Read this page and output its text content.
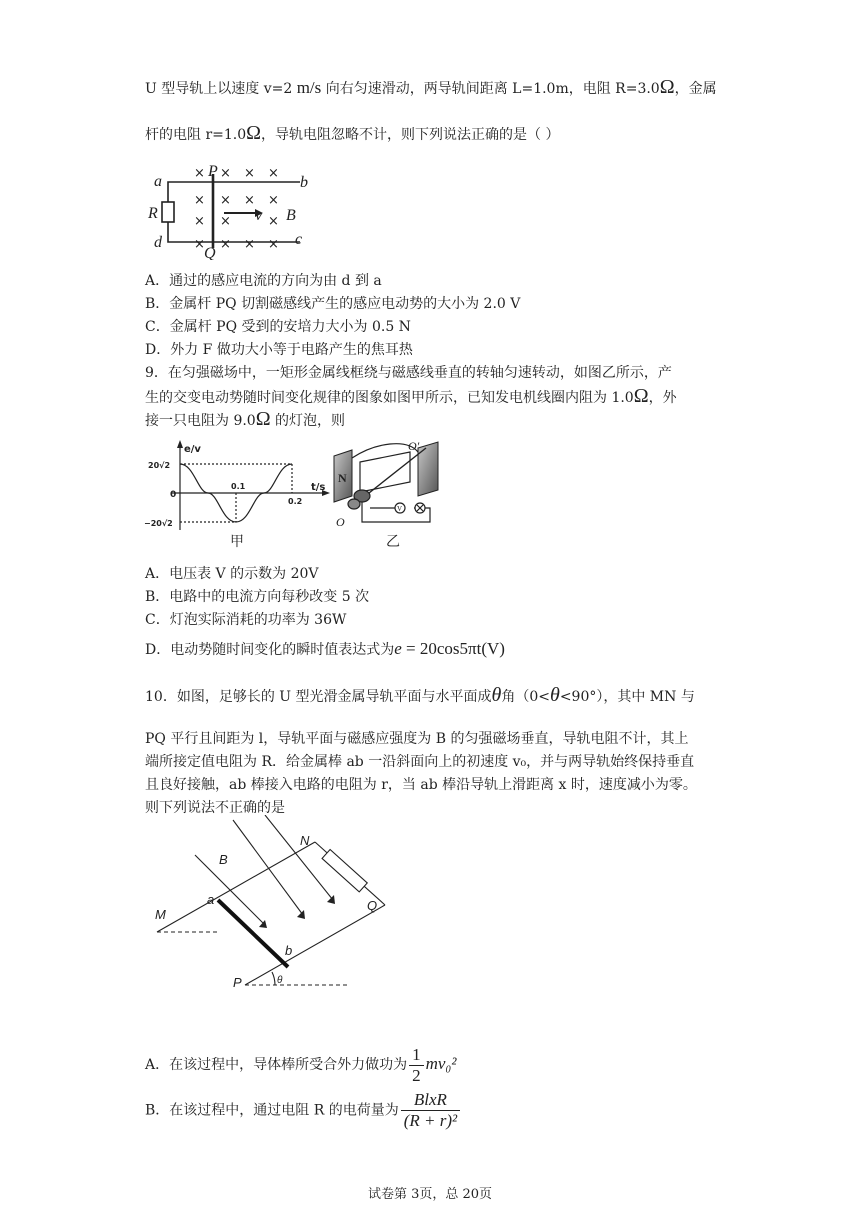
U 型导轨上以速度 v=2 m/s 向右匀速滑动，两导轨间距离 L=1.0m，电阻 R=3.0Ω，金属
杆的电阻 r=1.0Ω，导轨电阻忽略不计，则下列说法正确的是（ ）
a	b
c
d
P
Q
R	v B
× × × ×
× × × ×
× ×	×
× × × ×
A．通过的感应电流的方向为由 d 到 a
B．金属杆 PQ 切割磁感线产生的感应电动势的大小为 2.0 V
C．金属杆 PQ 受到的安培力大小为 0.5 N
D．外力 F 做功大小等于电路产生的焦耳热
9．在匀强磁场中，一矩形金属线框绕与磁感线垂直的转轴匀速转动，如图乙所示，产
生的交变电动势随时间变化规律的图象如图甲所示，已知发电机线圈内阻为 1.0Ω，外
接一只电阻为 9.0Ω 的灯泡，则
e/v
t/s
20√2
−20√2
0
0.1
0.2
甲
N
O′
O
V
乙
A．电压表 V 的示数为 20V
B．电路中的电流方向每秒改变 5 次
C．灯泡实际消耗的功率为 36W
D．电动势随时间变化的瞬时值表达式为e = 20cos5πt(V)
10．如图，足够长的 U 型光滑金属导轨平面与水平面成θ角（0<θ<90°），其中 MN 与
PQ 平行且间距为 l，导轨平面与磁感应强度为 B 的匀强磁场垂直，导轨电阻不计，其上
端所接定值电阻为 R．给金属棒 ab 一沿斜面向上的初速度 v₀，并与两导轨始终保持垂直
且良好接触，ab 棒接入电路的电阻为 r，当 ab 棒沿导轨上滑距离 x 时，速度减小为零。
则下列说法不正确的是
M
N
P
Q
a
b
B
θ
A．在该过程中，导体棒所受合外力做功为 $\frac{1}{2} mv_0^2$
B．在该过程中，通过电阻 R 的电荷量为 $\frac{\text{BlxR}}{\text{(R + r)²}}$
试卷第 3页，总 20页
